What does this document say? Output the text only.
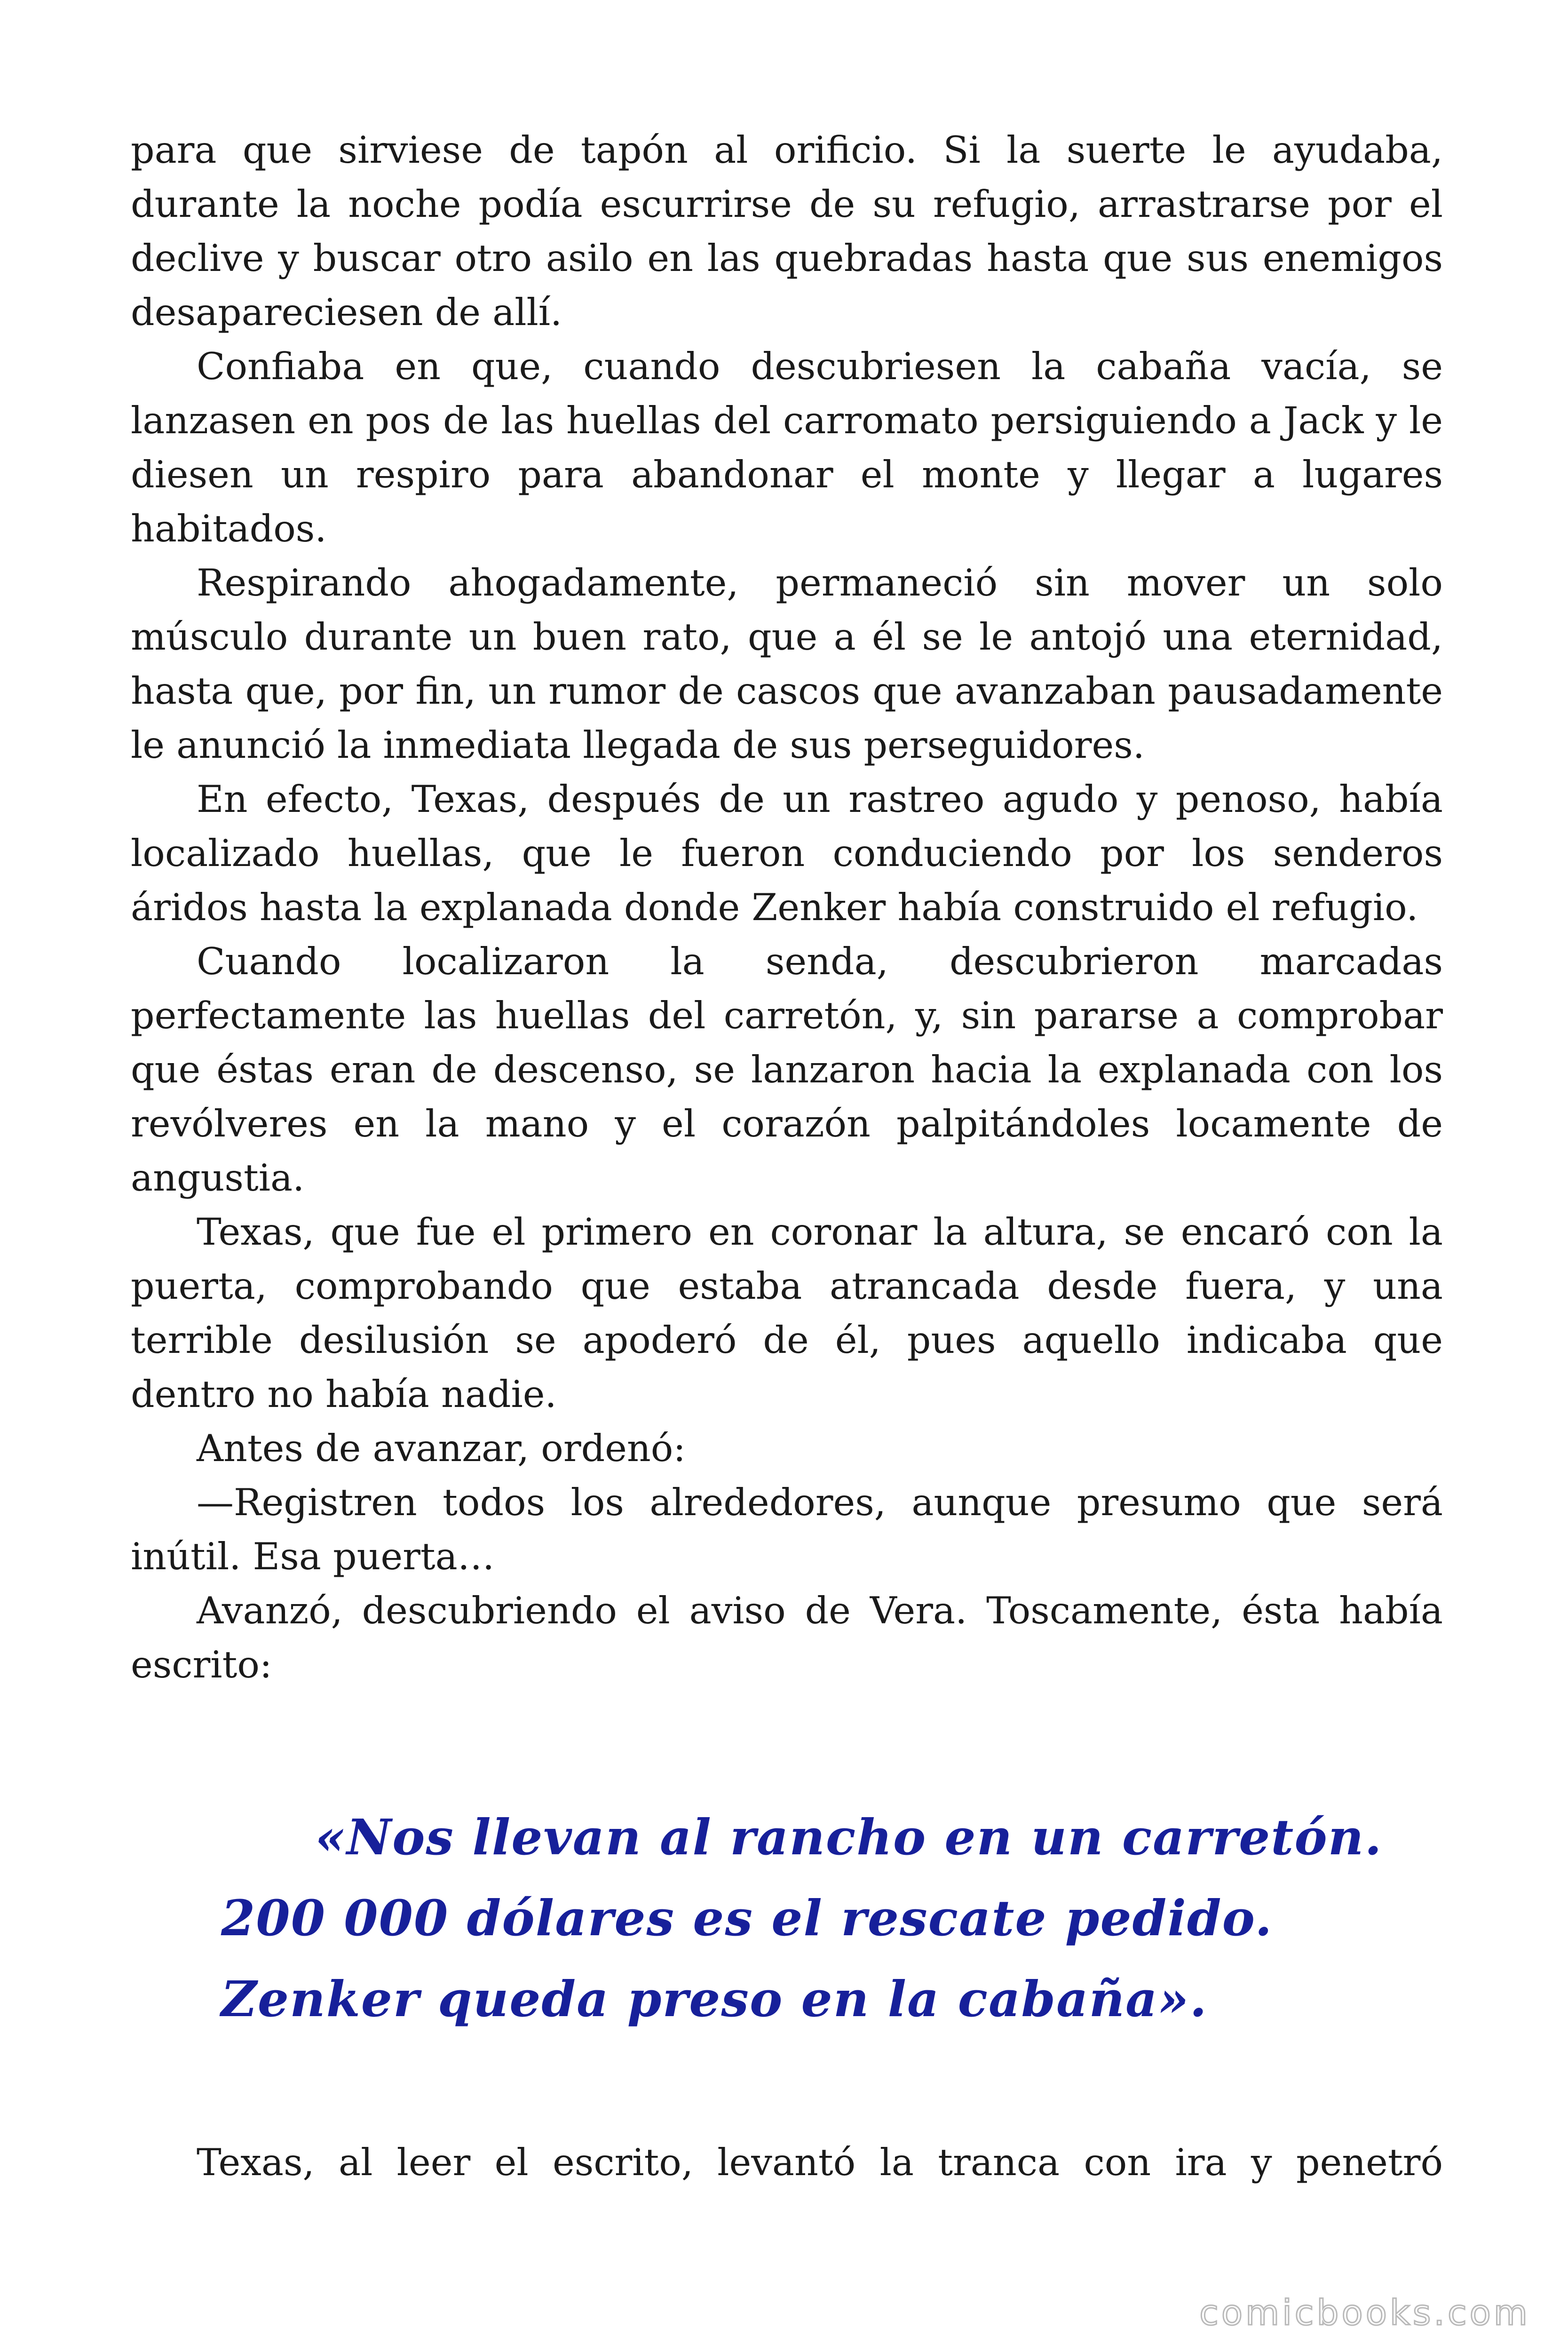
para que sirviese de tapón al orificio. Si la suerte le ayudaba, durante la noche podía escurrirse de su refugio, arrastrarse por el declive y buscar otro asilo en las quebradas hasta que sus enemigos desapareciesen de allí.

Confiaba en que, cuando descubriesen la cabaña vacía, se lanzasen en pos de las huellas del carromato persiguiendo a Jack y le diesen un respiro para abandonar el monte y llegar a lugares habitados.

Respirando ahogadamente, permaneció sin mover un solo músculo durante un buen rato, que a él se le antojó una eternidad, hasta que, por fin, un rumor de cascos que avanzaban pausadamente le anunció la inmediata llegada de sus perseguidores.

En efecto, Texas, después de un rastreo agudo y penoso, había localizado huellas, que le fueron conduciendo por los senderos áridos hasta la explanada donde Zenker había construido el refugio.

Cuando localizaron la senda, descubrieron marcadas perfectamente las huellas del carretón, y, sin pararse a comprobar que éstas eran de descenso, se lanzaron hacia la explanada con los revólveres en la mano y el corazón palpitándoles locamente de angustia.

Texas, que fue el primero en coronar la altura, se encaró con la puerta, comprobando que estaba atrancada desde fuera, y una terrible desilusión se apoderó de él, pues aquello indicaba que dentro no había nadie.

Antes de avanzar, ordenó:

—Registren todos los alrededores, aunque presumo que será inútil. Esa puerta…

Avanzó, descubriendo el aviso de Vera. Toscamente, ésta había escrito:

«Nos llevan al rancho en un carretón. 200 000 dólares es el rescate pedido. Zenker queda preso en la cabaña».

Texas, al leer el escrito, levantó la tranca con ira y penetró

comicbooks.com
